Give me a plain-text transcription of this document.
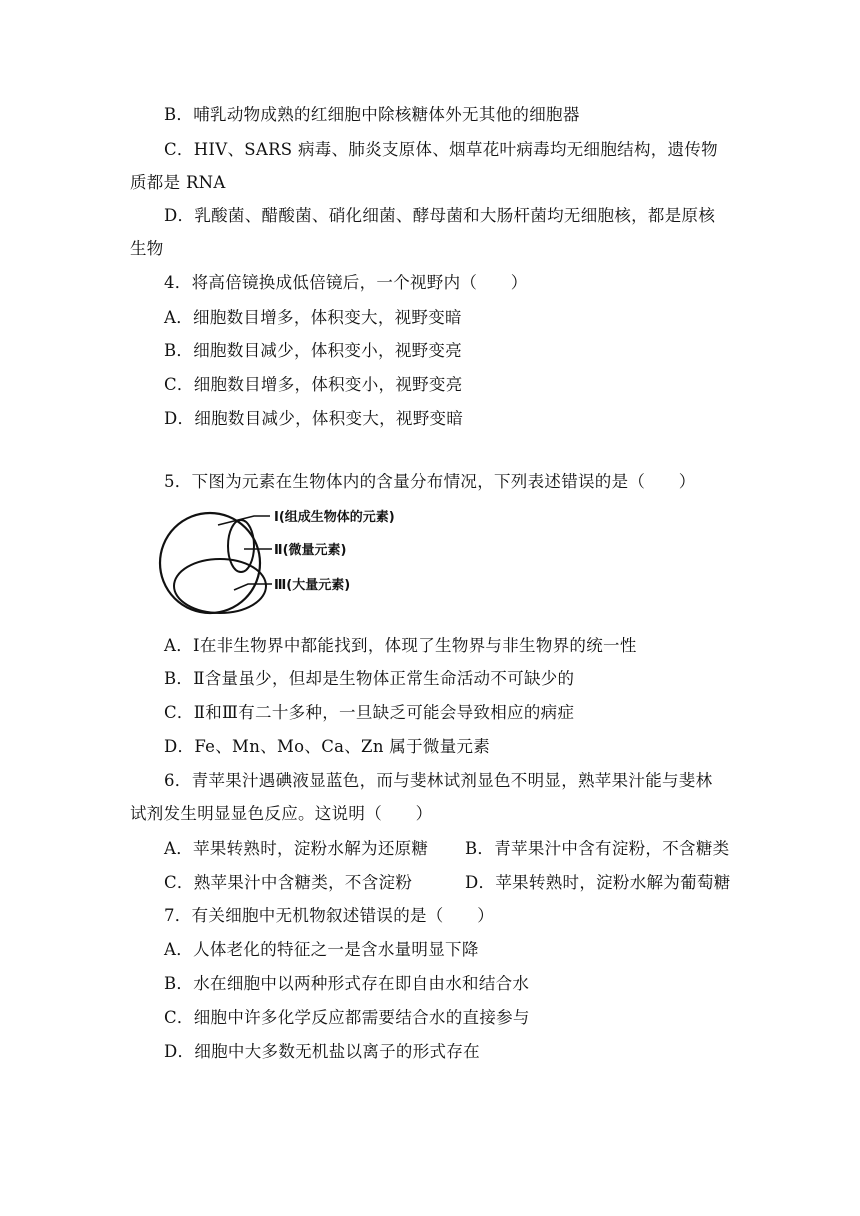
B．哺乳动物成熟的红细胞中除核糖体外无其他的细胞器
C．HIV、SARS 病毒、肺炎支原体、烟草花叶病毒均无细胞结构，遗传物
质都是 RNA
D．乳酸菌、醋酸菌、硝化细菌、酵母菌和大肠杆菌均无细胞核，都是原核
生物
4．将高倍镜换成低倍镜后，一个视野内（　　）
A．细胞数目增多，体积变大，视野变暗
B．细胞数目减少，体积变小，视野变亮
C．细胞数目增多，体积变小，视野变亮
D．细胞数目减少，体积变大，视野变暗
5．下图为元素在生物体内的含量分布情况，下列表述错误的是（　　）
Ⅰ(组成生物体的元素)
Ⅱ(微量元素)
Ⅲ(大量元素)
A．Ⅰ在非生物界中都能找到，体现了生物界与非生物界的统一性
B．Ⅱ含量虽少，但却是生物体正常生命活动不可缺少的
C．Ⅱ和Ⅲ有二十多种，一旦缺乏可能会导致相应的病症
D．Fe、Mn、Mo、Ca、Zn 属于微量元素
6．青苹果汁遇碘液显蓝色，而与斐林试剂显色不明显，熟苹果汁能与斐林
试剂发生明显显色反应。这说明（　　）
A．苹果转熟时，淀粉水解为还原糖 B．青苹果汁中含有淀粉，不含糖类
C．熟苹果汁中含糖类，不含淀粉	D．苹果转熟时，淀粉水解为葡萄糖
7．有关细胞中无机物叙述错误的是（　　）
A．人体老化的特征之一是含水量明显下降
B．水在细胞中以两种形式存在即自由水和结合水
C．细胞中许多化学反应都需要结合水的直接参与
D．细胞中大多数无机盐以离子的形式存在
